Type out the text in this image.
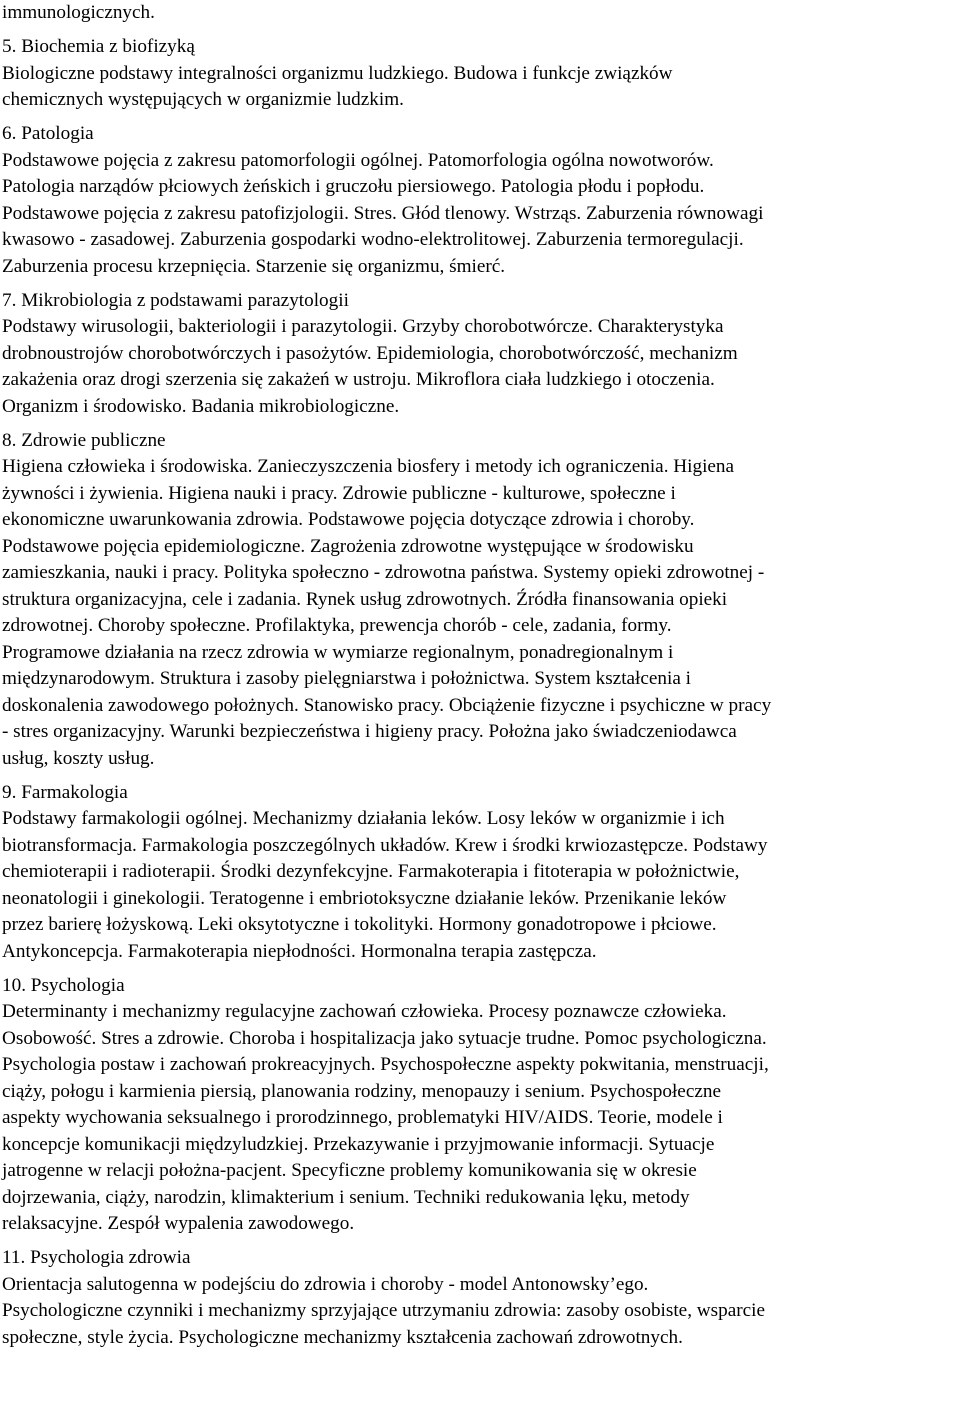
immunologicznych.
5. Biochemia z biofizyką
Biologiczne podstawy integralności organizmu ludzkiego. Budowa i funkcje związków
chemicznych występujących w organizmie ludzkim.
6. Patologia
Podstawowe pojęcia z zakresu patomorfologii ogólnej. Patomorfologia ogólna nowotworów.
Patologia narządów płciowych żeńskich i gruczołu piersiowego. Patologia płodu i popłodu.
Podstawowe pojęcia z zakresu patofizjologii. Stres. Głód tlenowy. Wstrząs. Zaburzenia równowagi
kwasowo - zasadowej. Zaburzenia gospodarki wodno-elektrolitowej. Zaburzenia termoregulacji.
Zaburzenia procesu krzepnięcia. Starzenie się organizmu, śmierć.
7. Mikrobiologia z podstawami parazytologii
Podstawy wirusologii, bakteriologii i parazytologii. Grzyby chorobotwórcze. Charakterystyka
drobnoustrojów chorobotwórczych i pasożytów. Epidemiologia, chorobotwórczość, mechanizm
zakażenia oraz drogi szerzenia się zakażeń w ustroju. Mikroflora ciała ludzkiego i otoczenia.
Organizm i środowisko. Badania mikrobiologiczne.
8. Zdrowie publiczne
Higiena człowieka i środowiska. Zanieczyszczenia biosfery i metody ich ograniczenia. Higiena
żywności i żywienia. Higiena nauki i pracy. Zdrowie publiczne - kulturowe, społeczne i
ekonomiczne uwarunkowania zdrowia. Podstawowe pojęcia dotyczące zdrowia i choroby.
Podstawowe pojęcia epidemiologiczne. Zagrożenia zdrowotne występujące w środowisku
zamieszkania, nauki i pracy. Polityka społeczno - zdrowotna państwa. Systemy opieki zdrowotnej -
struktura organizacyjna, cele i zadania. Rynek usług zdrowotnych. Źródła finansowania opieki
zdrowotnej. Choroby społeczne. Profilaktyka, prewencja chorób - cele, zadania, formy.
Programowe działania na rzecz zdrowia w wymiarze regionalnym, ponadregionalnym i
międzynarodowym. Struktura i zasoby pielęgniarstwa i położnictwa. System kształcenia i
doskonalenia zawodowego położnych. Stanowisko pracy. Obciążenie fizyczne i psychiczne w pracy
- stres organizacyjny. Warunki bezpieczeństwa i higieny pracy. Położna jako świadczeniodawca
usług, koszty usług.
9. Farmakologia
Podstawy farmakologii ogólnej. Mechanizmy działania leków. Losy leków w organizmie i ich
biotransformacja. Farmakologia poszczególnych układów. Krew i środki krwiozastępcze. Podstawy
chemioterapii i radioterapii. Środki dezynfekcyjne. Farmakoterapia i fitoterapia w położnictwie,
neonatologii i ginekologii. Teratogenne i embriotoksyczne działanie leków. Przenikanie leków
przez barierę łożyskową. Leki oksytotyczne i tokolityki. Hormony gonadotropowe i płciowe.
Antykoncepcja. Farmakoterapia niepłodności. Hormonalna terapia zastępcza.
10. Psychologia
Determinanty i mechanizmy regulacyjne zachowań człowieka. Procesy poznawcze człowieka.
Osobowość. Stres a zdrowie. Choroba i hospitalizacja jako sytuacje trudne. Pomoc psychologiczna.
Psychologia postaw i zachowań prokreacyjnych. Psychospołeczne aspekty pokwitania, menstruacji,
ciąży, połogu i karmienia piersią, planowania rodziny, menopauzy i senium. Psychospołeczne
aspekty wychowania seksualnego i prorodzinnego, problematyki HIV/AIDS. Teorie, modele i
koncepcje komunikacji międzyludzkiej. Przekazywanie i przyjmowanie informacji. Sytuacje
jatrogenne w relacji położna-pacjent. Specyficzne problemy komunikowania się w okresie
dojrzewania, ciąży, narodzin, klimakterium i senium. Techniki redukowania lęku, metody
relaksacyjne. Zespół wypalenia zawodowego.
11. Psychologia zdrowia
Orientacja salutogenna w podejściu do zdrowia i choroby - model Antonowsky’ego.
Psychologiczne czynniki i mechanizmy sprzyjające utrzymaniu zdrowia: zasoby osobiste, wsparcie
społeczne, style życia. Psychologiczne mechanizmy kształcenia zachowań zdrowotnych.
